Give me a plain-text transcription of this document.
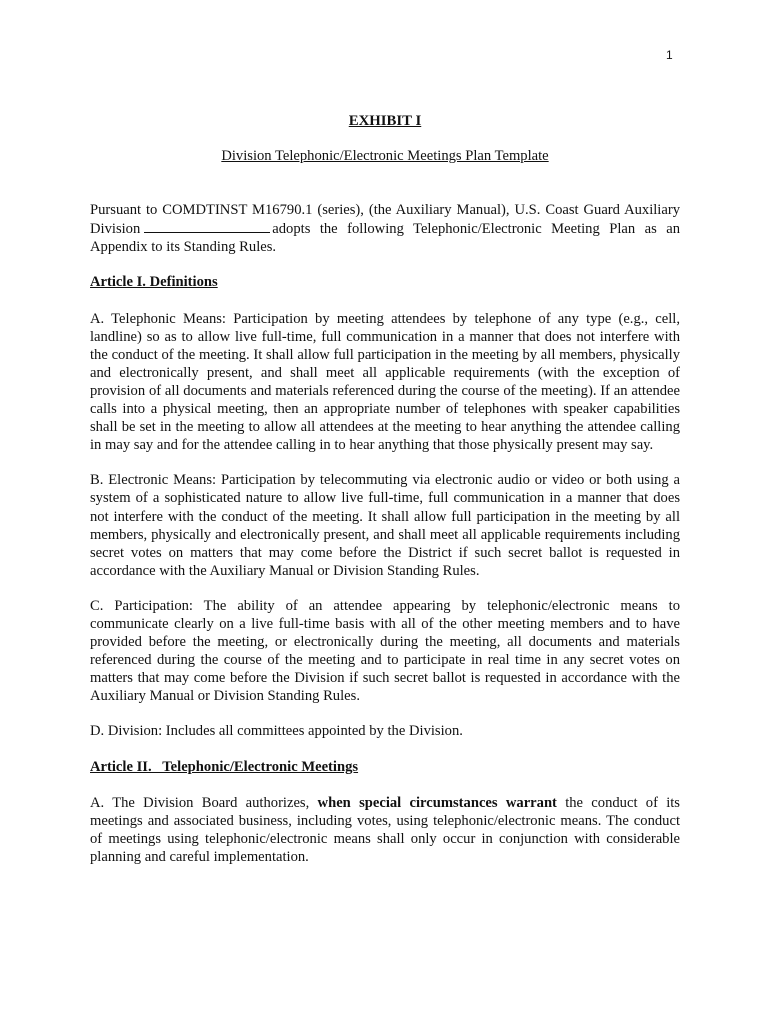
1
EXHIBIT I
Division Telephonic/Electronic Meetings Plan Template

Pursuant to COMDTINST M16790.1 (series), (the Auxiliary Manual), U.S. Coast Guard Auxiliary Division	adopts the following Telephonic/Electronic Meeting Plan as an Appendix to its Standing Rules.

Article I. Definitions

A. Telephonic Means: Participation by meeting attendees by telephone of any type (e.g., cell, landline) so as to allow live full-time, full communication in a manner that does not interfere with the conduct of the meeting. It shall allow full participation in the meeting by all members, physically and electronically present, and shall meet all applicable requirements (with the exception of provision of all documents and materials referenced during the course of the meeting). If an attendee calls into a physical meeting, then an appropriate number of telephones with speaker capabilities shall be set in the meeting to allow all attendees at the meeting to hear anything the attendee calling in may say and for the attendee calling in to hear anything that those physically present may say.

B. Electronic Means: Participation by telecommuting via electronic audio or video or both using a system of a sophisticated nature to allow live full-time, full communication in a manner that does not interfere with the conduct of the meeting. It shall allow full participation in the meeting by all members, physically and electronically present, and shall meet all applicable requirements including secret votes on matters that may come before the District if such secret ballot is requested in accordance with the Auxiliary Manual or Division Standing Rules.

C. Participation: The ability of an attendee appearing by telephonic/electronic means to communicate clearly on a live full-time basis with all of the other meeting members and to have provided before the meeting, or electronically during the meeting, all documents and materials referenced during the course of the meeting and to participate in real time in any secret votes on matters that may come before the Division if such secret ballot is requested in accordance with the Auxiliary Manual or Division Standing Rules.

D. Division: Includes all committees appointed by the Division.

Article II.   Telephonic/Electronic Meetings

A. The Division Board authorizes, when special circumstances warrant the conduct of its meetings and associated business, including votes, using telephonic/electronic means. The conduct of meetings using telephonic/electronic means shall only occur in conjunction with considerable planning and careful implementation.
